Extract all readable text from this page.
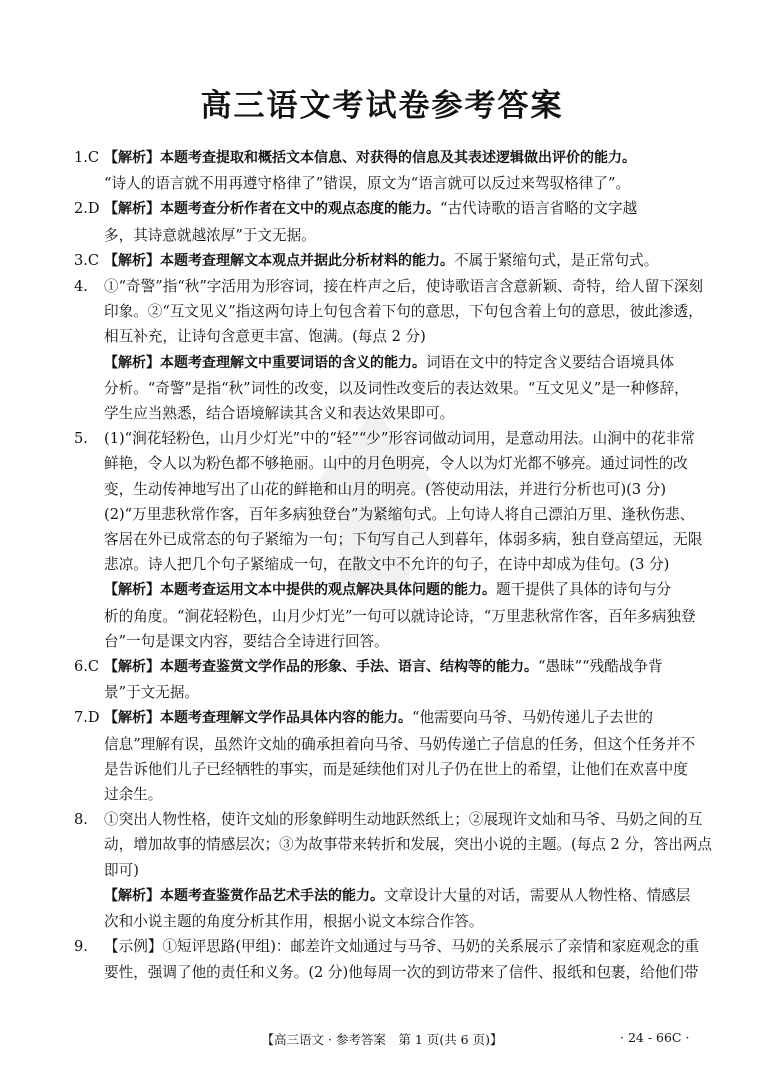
高三语文考试卷参考答案
1.C 【解析】本题考查提取和概括文本信息、对获得的信息及其表述逻辑做出评价的能力。
“诗人的语言就不用再遵守格律了”错误，原文为“语言就可以反过来驾驭格律了”。
2.D 【解析】本题考查分析作者在文中的观点态度的能力。“古代诗歌的语言省略的文字越
多，其诗意就越浓厚”于文无据。
3.C 【解析】本题考查理解文本观点并据此分析材料的能力。不属于紧缩句式，是正常句式。
4. ①“奇警”指“秋”字活用为形容词，接在杵声之后，使诗歌语言含意新颖、奇特，给人留下深刻
印象。②“互文见义”指这两句诗上句包含着下句的意思，下句包含着上句的意思，彼此渗透，
相互补充，让诗句含意更丰富、饱满。(每点 2 分)
【解析】本题考查理解文中重要词语的含义的能力。词语在文中的特定含义要结合语境具体
分析。“奇警”是指“秋”词性的改变，以及词性改变后的表达效果。“互文见义”是一种修辞，
学生应当熟悉，结合语境解读其含义和表达效果即可。
5. (1)“涧花轻粉色，山月少灯光”中的“轻”“少”形容词做动词用，是意动用法。山涧中的花非常
鲜艳，令人以为粉色都不够艳丽。山中的月色明亮，令人以为灯光都不够亮。通过词性的改
变，生动传神地写出了山花的鲜艳和山月的明亮。(答使动用法，并进行分析也可)(3 分)
(2)“万里悲秋常作客，百年多病独登台”为紧缩句式。上句诗人将自己漂泊万里、逢秋伤悲、
客居在外已成常态的句子紧缩为一句；下句写自己人到暮年，体弱多病，独自登高望远，无限
悲凉。诗人把几个句子紧缩成一句，在散文中不允许的句子，在诗中却成为佳句。(3 分)
【解析】本题考查运用文本中提供的观点解决具体问题的能力。题干提供了具体的诗句与分
析的角度。“涧花轻粉色，山月少灯光”一句可以就诗论诗，“万里悲秋常作客，百年多病独登
台”一句是课文内容，要结合全诗进行回答。
6.C 【解析】本题考查鉴赏文学作品的形象、手法、语言、结构等的能力。“愚昧”“残酷战争背
景”于文无据。
7.D 【解析】本题考查理解文学作品具体内容的能力。“他需要向马爷、马奶传递儿子去世的
信息”理解有误，虽然许文灿的确承担着向马爷、马奶传递亡子信息的任务，但这个任务并不
是告诉他们儿子已经牺牲的事实，而是延续他们对儿子仍在世上的希望，让他们在欢喜中度
过余生。
8. ①突出人物性格，使许文灿的形象鲜明生动地跃然纸上；②展现许文灿和马爷、马奶之间的互
动，增加故事的情感层次；③为故事带来转折和发展，突出小说的主题。(每点 2 分，答出两点
即可)
【解析】本题考查鉴赏作品艺术手法的能力。文章设计大量的对话，需要从人物性格、情感层
次和小说主题的角度分析其作用，根据小说文本综合作答。
9. 【示例】①短评思路(甲组)：邮差许文灿通过与马爷、马奶的关系展示了亲情和家庭观念的重
要性，强调了他的责任和义务。(2 分)他每周一次的到访带来了信件、报纸和包裹，给他们带
【高三语文 · 参考答案　第 1 页(共 6 页)】	· 24 - 66C ·
